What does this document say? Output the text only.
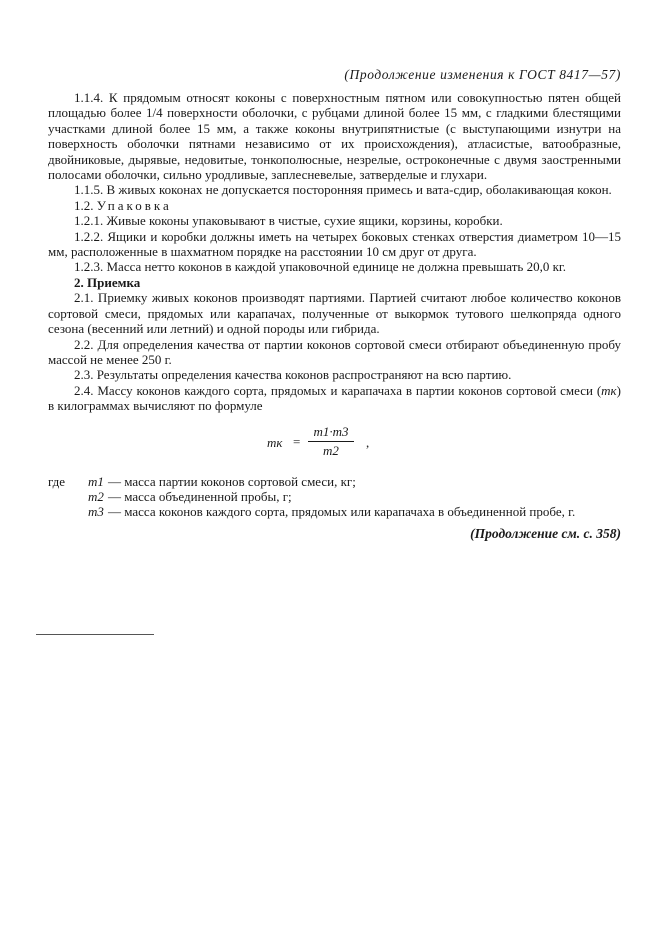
(Продолжение изменения к ГОСТ 8417—57)

1.1.4. К прядомым относят коконы с поверхностным пятном или совокупностью пятен общей площадью более 1/4 поверхности оболочки, с рубцами длиной более 15 мм, с гладкими блестящими участками длиной более 15 мм, а также коконы внутрипятнистые (с выступающими изнутри на поверхность оболочки пятнами независимо от их происхождения), атласистые, ватообразные, двойниковые, дырявые, недовитые, тонкополюсные, незрелые, остроконечные с двумя заостренными полосами оболочки, сильно уродливые, заплесневелые, затверделые и глухари.

1.1.5. В живых коконах не допускается посторонняя примесь и вата-сдир, оболакивающая кокон.

1.2. Упаковка

1.2.1. Живые коконы упаковывают в чистые, сухие ящики, корзины, коробки.

1.2.2. Ящики и коробки должны иметь на четырех боковых стенках отверстия диаметром 10—15 мм, расположенные в шахматном порядке на расстоянии 10 см друг от друга.

1.2.3. Масса нетто коконов в каждой упаковочной единице не должна превышать 20,0 кг.

2. Приемка

2.1. Приемку живых коконов производят партиями. Партией считают любое количество коконов сортовой смеси, прядомых или карапачах, полученные от выкормок тутового шелкопряда одного сезона (весенний или летний) и одной породы или гибрида.

2.2. Для определения качества от партии коконов сортовой смеси отбирают объединенную пробу массой не менее 250 г.

2.3. Результаты определения качества коконов распространяют на всю партию.

2.4. Массу коконов каждого сорта, прядомых и карапачаха в партии коконов сортовой смеси (mк) в килограммах вычисляют по формуле

mк =
m1·m3
m2
,
где	m1 — масса партии коконов сортовой смеси, кг;
m2 — масса объединенной пробы, г;
m3 — масса коконов каждого сорта, прядомых или карапачаха в объединенной пробе, г.
(Продолжение см. с. 358)
